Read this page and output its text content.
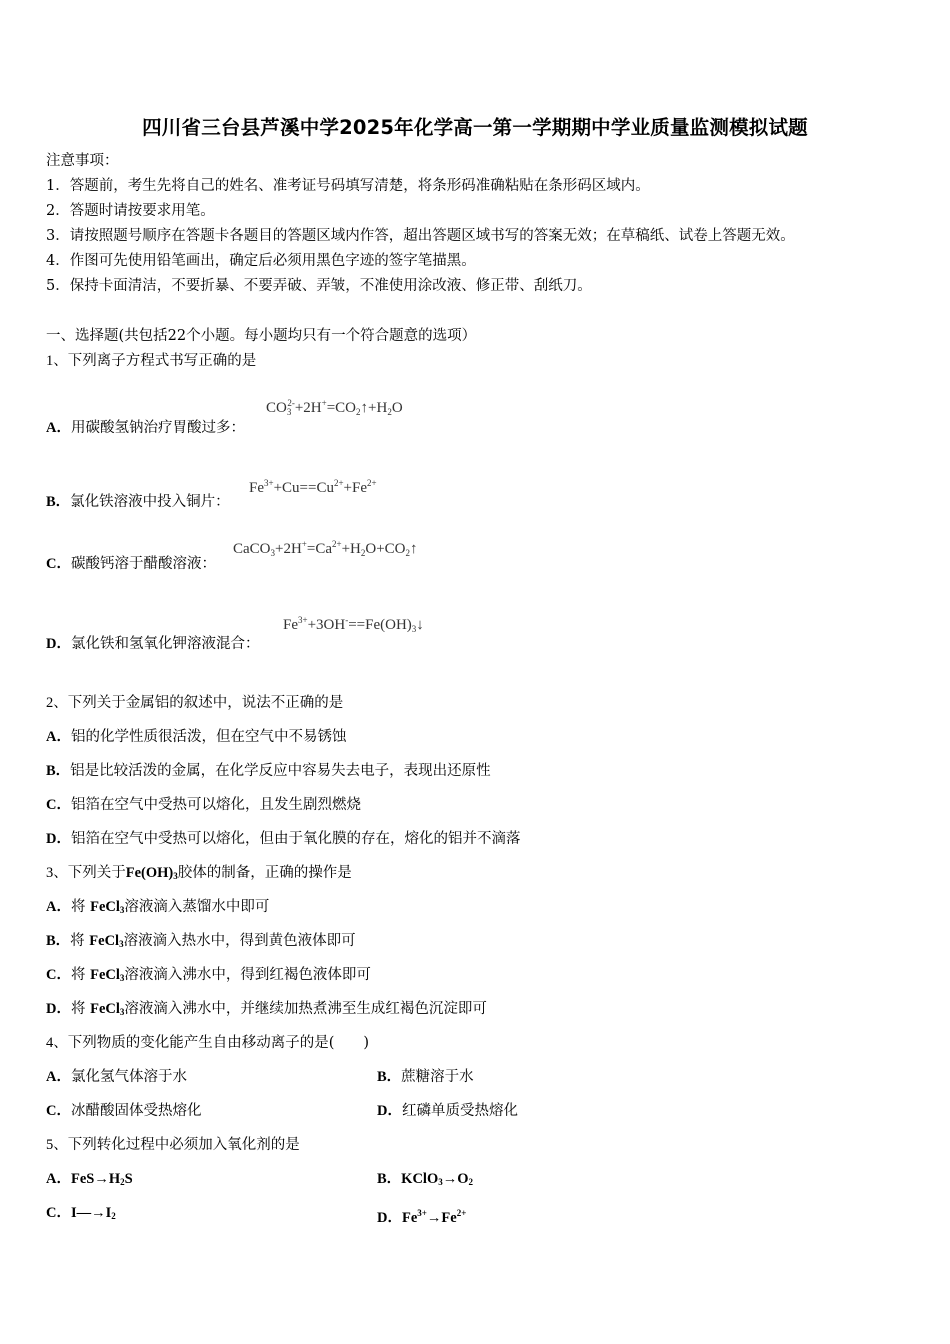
四川省三台县芦溪中学2025年化学高一第一学期期中学业质量监测模拟试题
注意事项：
1．答题前，考生先将自己的姓名、准考证号码填写清楚，将条形码准确粘贴在条形码区域内。
2．答题时请按要求用笔。
3．请按照题号顺序在答题卡各题目的答题区域内作答，超出答题区域书写的答案无效；在草稿纸、试卷上答题无效。
4．作图可先使用铅笔画出，确定后必须用黑色字迹的签字笔描黑。
5．保持卡面清洁，不要折暴、不要弄破、弄皱，不准使用涂改液、修正带、刮纸刀。
一、选择题(共包括22个小题。每小题均只有一个符合题意的选项）
1、下列离子方程式书写正确的是
A．用碳酸氢钠治疗胃酸过多：
$CO_3^{2-}+2H^+=CO_2↑+H_2O$
B．氯化铁溶液中投入铜片：
$Fe^{3+}+Cu==Cu^{2+}+Fe^{2+}$
C．碳酸钙溶于醋酸溶液：
$CaCO_3+2H^+=Ca^{2+}+H_2O+CO_2↑$
D．氯化铁和氢氧化钾溶液混合：
$Fe^{3+}+3OH^-==Fe(OH)_3↓$
2、下列关于金属铝的叙述中，说法不正确的是
A．铝的化学性质很活泼，但在空气中不易锈蚀
B．铝是比较活泼的金属，在化学反应中容易失去电子，表现出还原性
C．铝箔在空气中受热可以熔化，且发生剧烈燃烧
D．铝箔在空气中受热可以熔化，但由于氧化膜的存在，熔化的铝并不滴落
3、下列关于$Fe(OH)_3$胶体的制备，正确的操作是
A．将 FeCl$_3$溶液滴入蒸馏水中即可
B．将 FeCl$_3$溶液滴入热水中，得到黄色液体即可
C．将 FeCl$_3$溶液滴入沸水中，得到红褐色液体即可
D．将 FeCl$_3$溶液滴入沸水中，并继续加热煮沸至生成红褐色沉淀即可
4、下列物质的变化能产生自由移动离子的是(　　)
A．氯化氢气体溶于水	B．蔗糖溶于水
C．冰醋酸固体受热熔化	D．红磷单质受热熔化
5、下列转化过程中必须加入氧化剂的是
A．$FeS\to H_2S$	B．$KClO_3\to O_2$
C．$I—\to I_2$	D．$Fe^{3+}\to Fe^{2+}$
